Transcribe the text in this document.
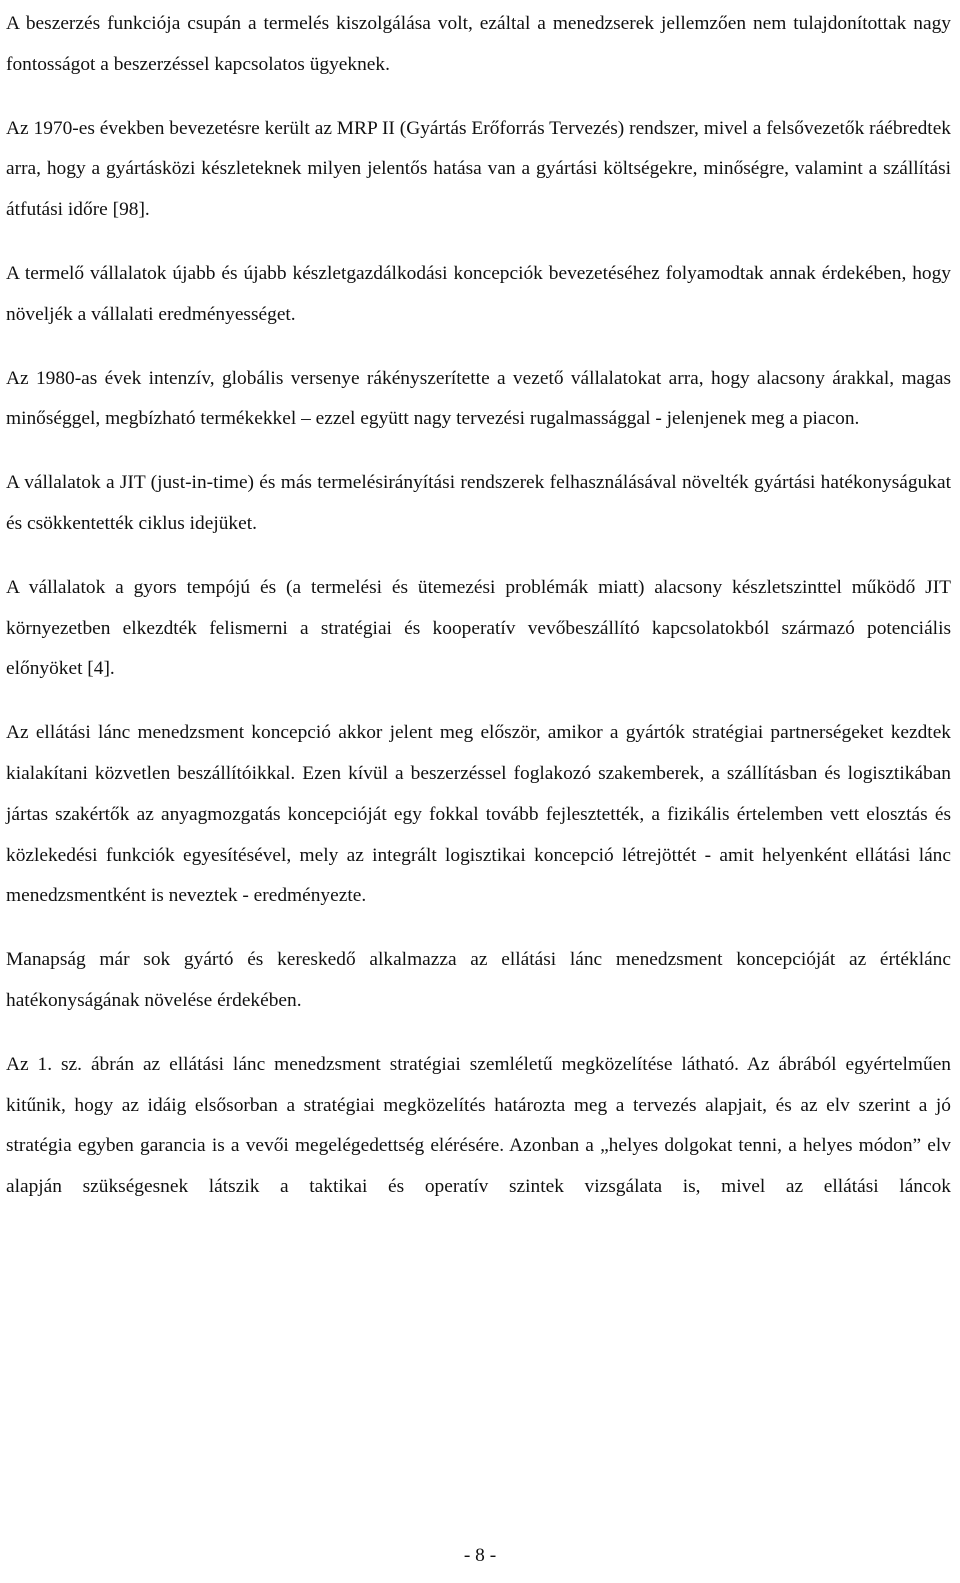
A beszerzés funkciója csupán a termelés kiszolgálása volt, ezáltal a menedzserek jellemzően nem tulajdonítottak nagy fontosságot a beszerzéssel kapcsolatos ügyeknek.

Az 1970-es években bevezetésre került az MRP II (Gyártás Erőforrás Tervezés) rendszer, mivel a felsővezetők ráébredtek arra, hogy a gyártásközi készleteknek milyen jelentős hatása van a gyártási költségekre, minőségre, valamint a szállítási átfutási időre [98].

A termelő vállalatok újabb és újabb készletgazdálkodási koncepciók bevezetéséhez folyamodtak annak érdekében, hogy növeljék a vállalati eredményességet.

Az 1980-as évek intenzív, globális versenye rákényszerítette a vezető vállalatokat arra, hogy alacsony árakkal, magas minőséggel, megbízható termékekkel – ezzel együtt nagy tervezési rugalmassággal - jelenjenek meg a piacon.

A vállalatok a JIT (just-in-time) és más termelésirányítási rendszerek felhasználásával növelték gyártási hatékonyságukat és csökkentették ciklus idejüket.

A vállalatok a gyors tempójú és (a termelési és ütemezési problémák miatt) alacsony készletszinttel működő JIT környezetben elkezdték felismerni a stratégiai és kooperatív vevőbeszállító kapcsolatokból származó potenciális előnyöket [4].

Az ellátási lánc menedzsment koncepció akkor jelent meg először, amikor a gyártók stratégiai partnerségeket kezdtek kialakítani közvetlen beszállítóikkal. Ezen kívül a beszerzéssel foglakozó szakemberek, a szállításban és logisztikában jártas szakértők az anyagmozgatás koncepcióját egy fokkal tovább fejlesztették, a fizikális értelemben vett elosztás és közlekedési funkciók egyesítésével, mely az integrált logisztikai koncepció létrejöttét - amit helyenként ellátási lánc menedzsmentként is neveztek - eredményezte.

Manapság már sok gyártó és kereskedő alkalmazza az ellátási lánc menedzsment koncepcióját az értéklánc hatékonyságának növelése érdekében.

Az 1. sz. ábrán az ellátási lánc menedzsment stratégiai szemléletű megközelítése látható. Az ábrából egyértelműen kitűnik, hogy az idáig elsősorban a stratégiai megközelítés határozta meg a tervezés alapjait, és az elv szerint a jó stratégia egyben garancia is a vevői megelégedettség elérésére. Azonban a „helyes dolgokat tenni, a helyes módon” elv alapján szükségesnek látszik a taktikai és operatív szintek vizsgálata is, mivel az ellátási láncok

- 8 -
